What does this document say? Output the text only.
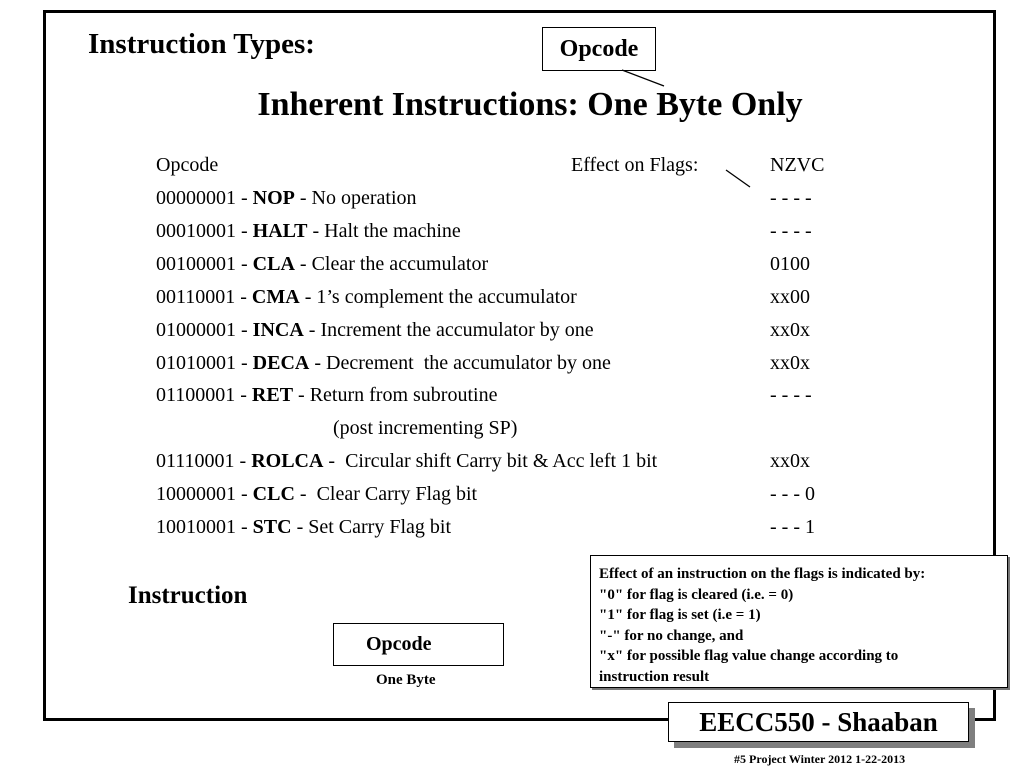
Instruction Types:	Opcode
Inherent Instructions: One Byte Only
Opcode	Effect on Flags:	NZVC
00000001 - NOP - No operation	- - - -
00010001 - HALT - Halt the machine	- - - -
00100001 - CLA - Clear the accumulator	0100
00110001 - CMA - 1’s complement the accumulator	xx00
01000001 - INCA - Increment the accumulator by one	xx0x
01010001 - DECA - Decrement  the accumulator by one	xx0x
01100001 - RET - Return from subroutine	- - - -
01110001 - ROLCA -  Circular shift Carry bit & Acc left 1 bit	xx0x
10000001 - CLC -  Clear Carry Flag bit	- - - 0
10010001 - STC - Set Carry Flag bit	- - - 1
(post incrementing SP)
Effect of an instruction on the flags is indicated by:
"0" for flag is cleared (i.e. = 0)
"1" for flag is set (i.e = 1)
"-" for no change, and
"x" for possible flag value change according to
instruction result
Instruction
Opcode
One Byte
EECC550 - Shaaban
#5 Project Winter 2012 1-22-2013
